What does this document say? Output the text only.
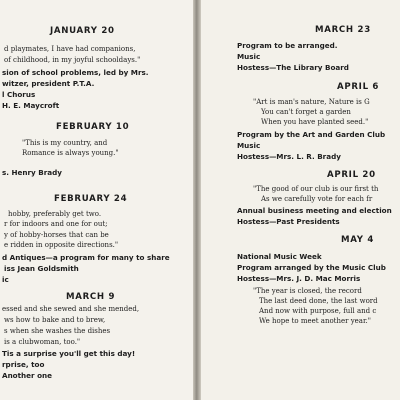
JANUARY 20
d playmates, I have had companions,
of childhood, in my joyful schooldays."
sion of school problems, led by Mrs.
witzer, president P.T.A.
l Chorus
H. E. Maycroft
FEBRUARY 10
"This is my country, and
Romance is always young."
s. Henry Brady
FEBRUARY 24
hobby, preferably get two.
r for indoors and one for out;
y of hobby-horses that can be
e ridden in opposite directions."
d Antiques—a program for many to share
iss Jean Goldsmith
ic
MARCH 9
essed and she sewed and she mended,
ws how to bake and to brew,
s when she washes the dishes
is a clubwoman, too."
Tis a surprise you'll get this day!
rprise, too
Another one
MARCH 23
Program to be arranged.
Music
Hostess—The Library Board
APRIL 6
"Art is man's nature, Nature is G
You can't forget a garden
When you have planted seed."
Program by the Art and Garden Club
Music
Hostess—Mrs. L. R. Brady
APRIL 20
"The good of our club is our first th
As we carefully vote for each fr
Annual business meeting and election
Hostess—Past Presidents
MAY 4
National Music Week
Program arranged by the Music Club
Hostess—Mrs. J. D. Mac Morris
"The year is closed, the record
The last deed done, the last word
And now with purpose, full and c
We hope to meet another year."
